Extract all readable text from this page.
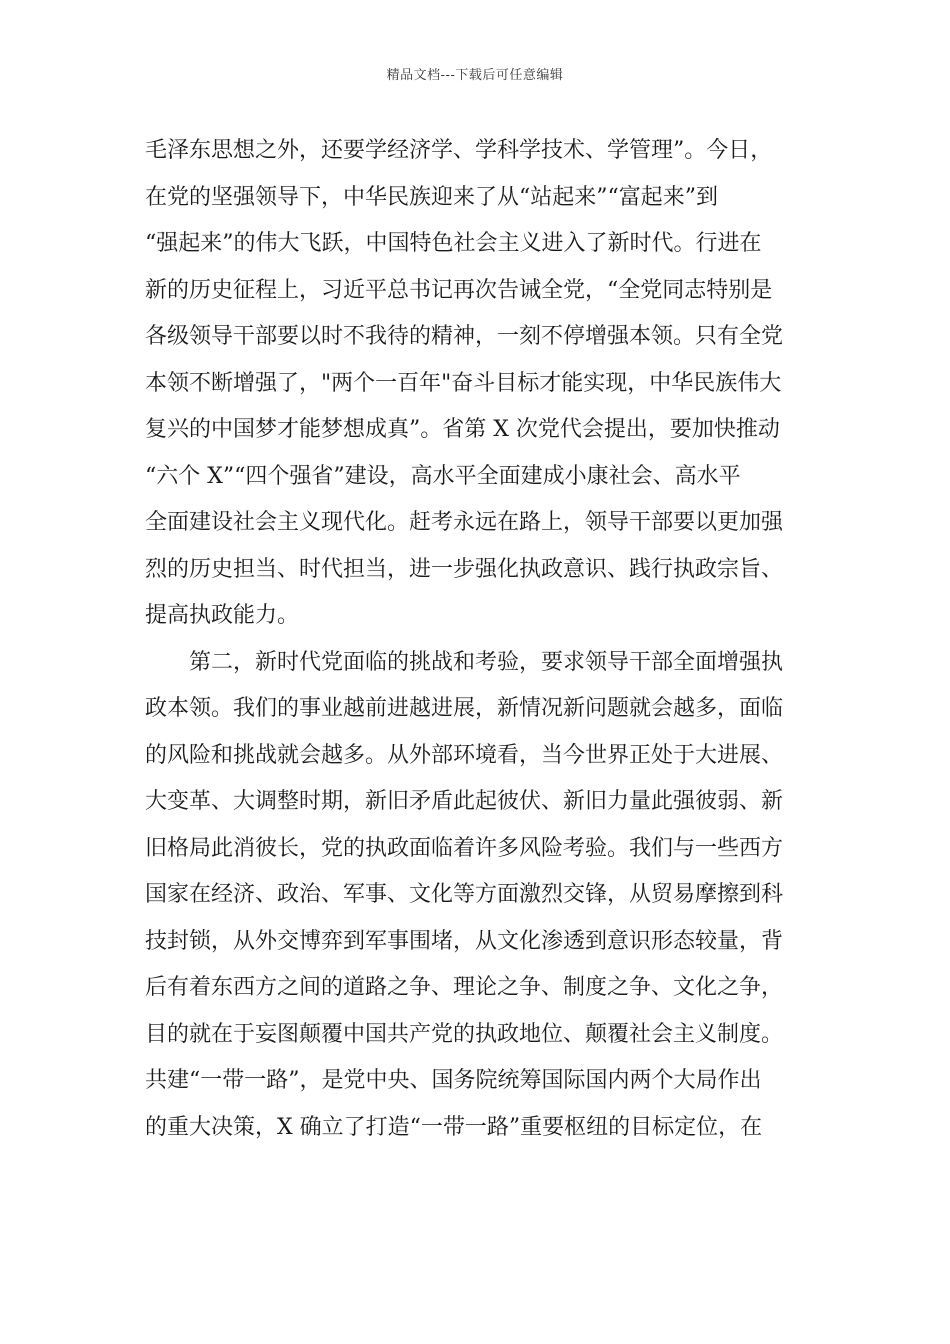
精品文档---下载后可任意编辑
毛泽东思想之外，还要学经济学、学科学技术、学管理”。今日，
在党的坚强领导下，中华民族迎来了从“站起来”“富起来”到
“强起来”的伟大飞跃，中国特色社会主义进入了新时代。行进在
新的历史征程上，习近平总书记再次告诫全党，“全党同志特别是
各级领导干部要以时不我待的精神，一刻不停增强本领。只有全党
本领不断增强了，"两个一百年"奋斗目标才能实现，中华民族伟大
复兴的中国梦才能梦想成真”。省第 X 次党代会提出，要加快推动
“六个 X”“四个强省”建设，高水平全面建成小康社会、高水平
全面建设社会主义现代化。赶考永远在路上，领导干部要以更加强
烈的历史担当、时代担当，进一步强化执政意识、践行执政宗旨、
提高执政能力。
第二，新时代党面临的挑战和考验，要求领导干部全面增强执
政本领。我们的事业越前进越进展，新情况新问题就会越多，面临
的风险和挑战就会越多。从外部环境看，当今世界正处于大进展、
大变革、大调整时期，新旧矛盾此起彼伏、新旧力量此强彼弱、新
旧格局此消彼长，党的执政面临着许多风险考验。我们与一些西方
国家在经济、政治、军事、文化等方面激烈交锋，从贸易摩擦到科
技封锁，从外交博弈到军事围堵，从文化渗透到意识形态较量，背
后有着东西方之间的道路之争、理论之争、制度之争、文化之争，
目的就在于妄图颠覆中国共产党的执政地位、颠覆社会主义制度。
共建“一带一路”，是党中央、国务院统筹国际国内两个大局作出
的重大决策，X 确立了打造“一带一路”重要枢纽的目标定位，在
